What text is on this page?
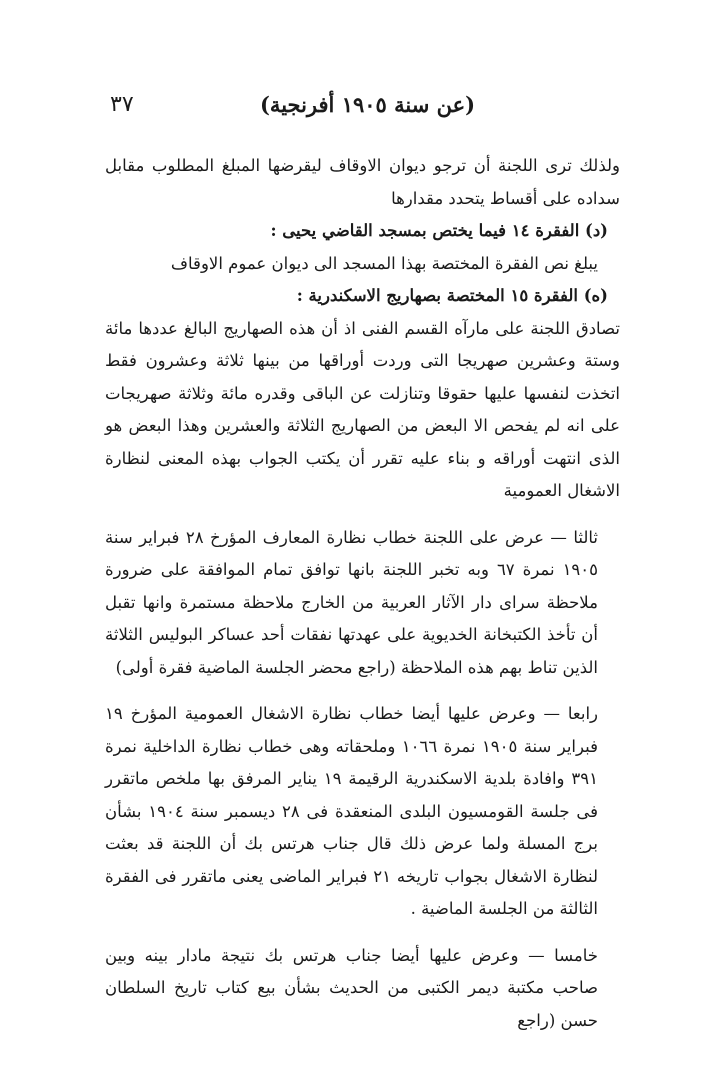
٣٧	(عن سنة ١٩٠٥ أفرنجية)

ولذلك ترى اللجنة أن ترجو ديوان الاوقاف ليقرضها المبلغ المطلوب مقابل سداده على أقساط يتحدد مقدارها

(د) الفقرة ١٤ فيما يختص بمسجد القاضي يحيى :

يبلغ نص الفقرة المختصة بهذا المسجد الى ديوان عموم الاوقاف

(ه) الفقرة ١٥ المختصة بصهاريج الاسكندرية :

تصادق اللجنة على مارآه القسم الفنى اذ أن هذه الصهاريج البالغ عددها مائة وستة وعشرين صهريجا التى وردت أوراقها من بينها ثلاثة وعشرون فقط اتخذت لنفسها عليها حقوقا وتنازلت عن الباقى وقدره مائة وثلاثة صهريجات على انه لم يفحص الا البعض من الصهاريج الثلاثة والعشرين وهذا البعض هو الذى انتهت أوراقه و بناء عليه تقرر أن يكتب الجواب بهذه المعنى لنظارة الاشغال العمومية

ثالثا — عرض على اللجنة خطاب نظارة المعارف المؤرخ ٢٨ فبراير سنة ١٩٠٥ نمرة ٦٧ وبه تخبر اللجنة بانها توافق تمام الموافقة على ضرورة ملاحظة سراى دار الآثار العربية من الخارج ملاحظة مستمرة وانها تقبل أن تأخذ الكتبخانة الخديوية على عهدتها نفقات أحد عساكر البوليس الثلاثة الذين تناط بهم هذه الملاحظة (راجع محضر الجلسة الماضية فقرة أولى)

رابعا — وعرض عليها أيضا خطاب نظارة الاشغال العمومية المؤرخ ١٩ فبراير سنة ١٩٠٥ نمرة ١٠٦٦ وملحقاته وهى خطاب نظارة الداخلية نمرة ٣٩١ وافادة بلدية الاسكندرية الرقيمة ١٩ يناير المرفق بها ملخص ماتقرر فى جلسة القومسيون البلدى المنعقدة فى ٢٨ ديسمبر سنة ١٩٠٤ بشأن برج المسلة ولما عرض ذلك قال جناب هرتس بك أن اللجنة قد بعثت لنظارة الاشغال بجواب تاريخه ٢١ فبراير الماضى يعنى ماتقرر فى الفقرة الثالثة من الجلسة الماضية .

خامسا — وعرض عليها أيضا جناب هرتس بك نتيجة مادار بينه وبين صاحب مكتبة ديمر الكتبى من الحديث بشأن بيع كتاب تاريخ السلطان حسن (راجع
